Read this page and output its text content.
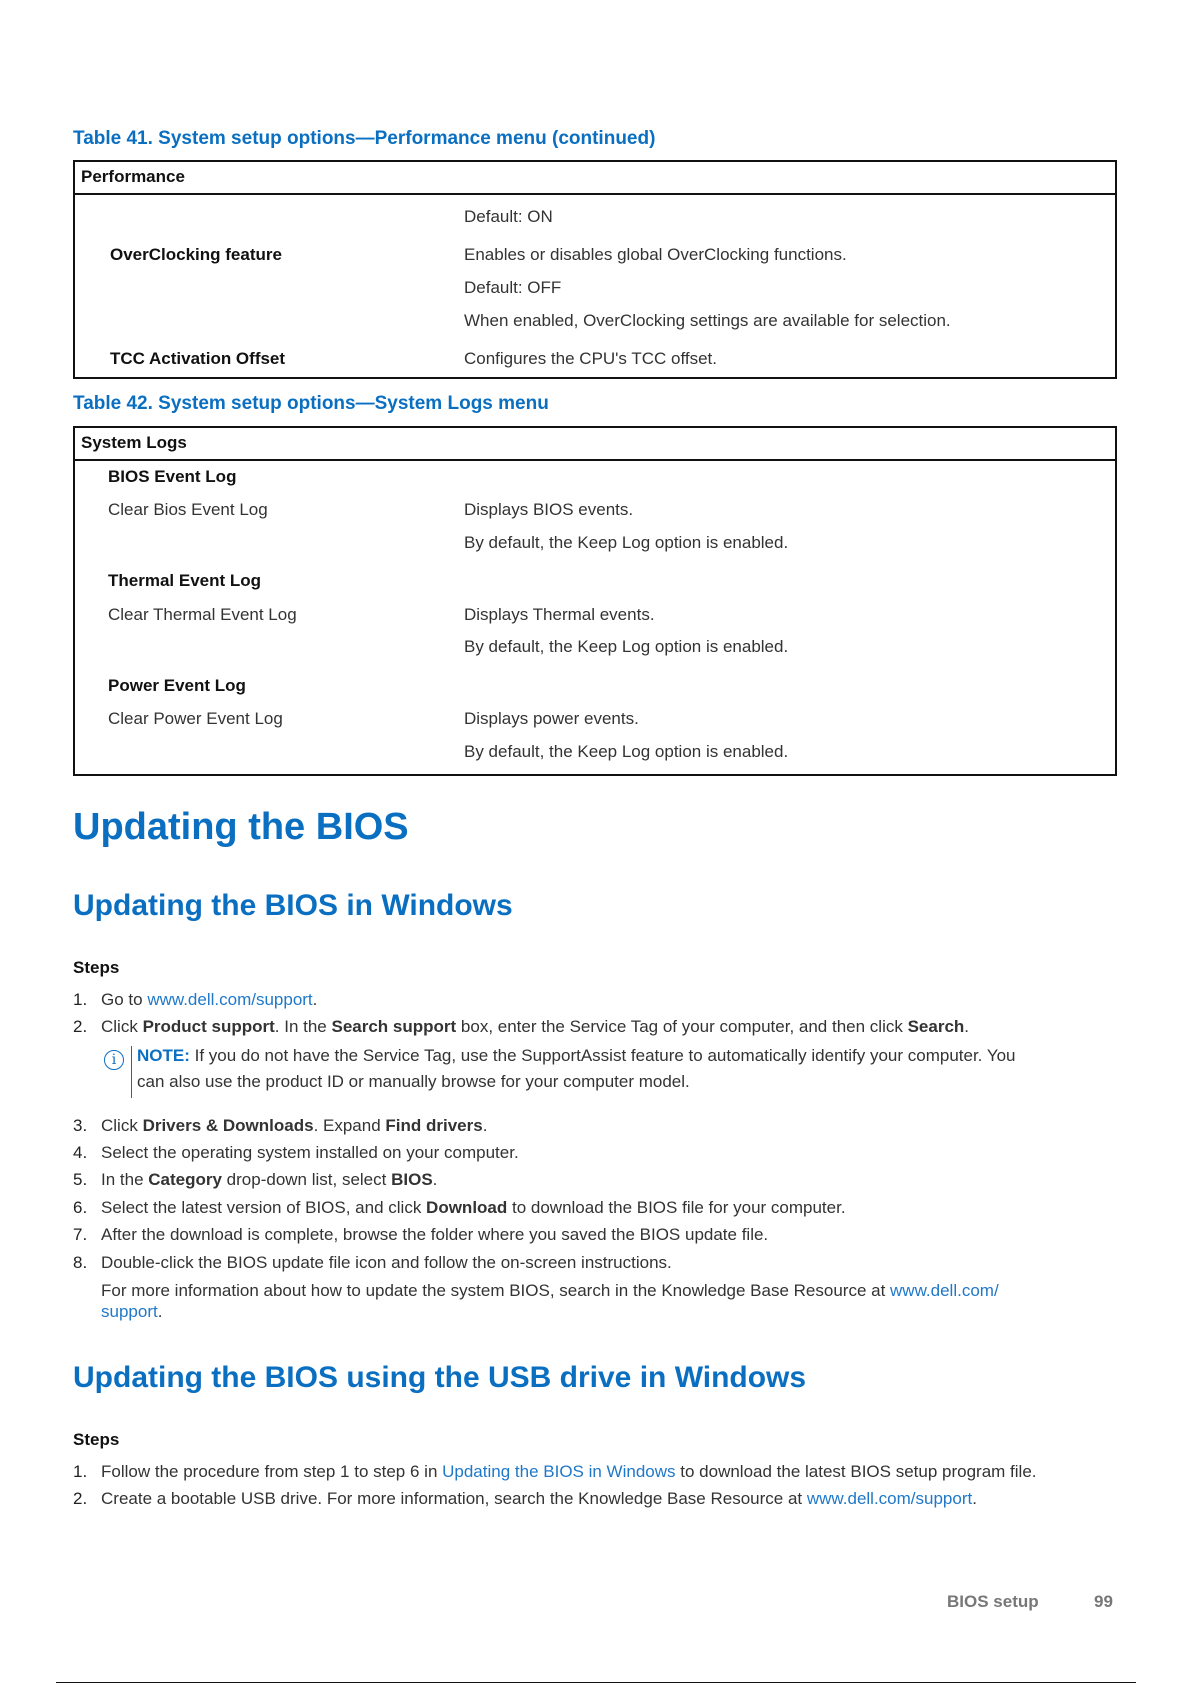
Table 41. System setup options—Performance menu (continued)
Performance
Default: ON
OverClocking feature	Enables or disables global OverClocking functions.
Default: OFF
When enabled, OverClocking settings are available for selection.
TCC Activation Offset	Configures the CPU's TCC offset.
Table 42. System setup options—System Logs menu
System Logs
BIOS Event Log
Clear Bios Event Log	Displays BIOS events.
By default, the Keep Log option is enabled.
Thermal Event Log
Clear Thermal Event Log	Displays Thermal events.
By default, the Keep Log option is enabled.
Power Event Log
Clear Power Event Log	Displays power events.
By default, the Keep Log option is enabled.
Updating the BIOS
Updating the BIOS in Windows
Steps
1. Go to www.dell.com/support.
2. Click Product support. In the Search support box, enter the Service Tag of your computer, and then click Search.
i	NOTE: If you do not have the Service Tag, use the SupportAssist feature to automatically identify your computer. You
can also use the product ID or manually browse for your computer model.
3. Click Drivers & Downloads. Expand Find drivers.
4. Select the operating system installed on your computer.
5. In the Category drop-down list, select BIOS.
6. Select the latest version of BIOS, and click Download to download the BIOS file for your computer.
7. After the download is complete, browse the folder where you saved the BIOS update file.
8. Double-click the BIOS update file icon and follow the on-screen instructions.
For more information about how to update the system BIOS, search in the Knowledge Base Resource at www.dell.com/
support.
Updating the BIOS using the USB drive in Windows
Steps
1. Follow the procedure from step 1 to step 6 in Updating the BIOS in Windows to download the latest BIOS setup program file.
2. Create a bootable USB drive. For more information, search the Knowledge Base Resource at www.dell.com/support.
BIOS setup	99
